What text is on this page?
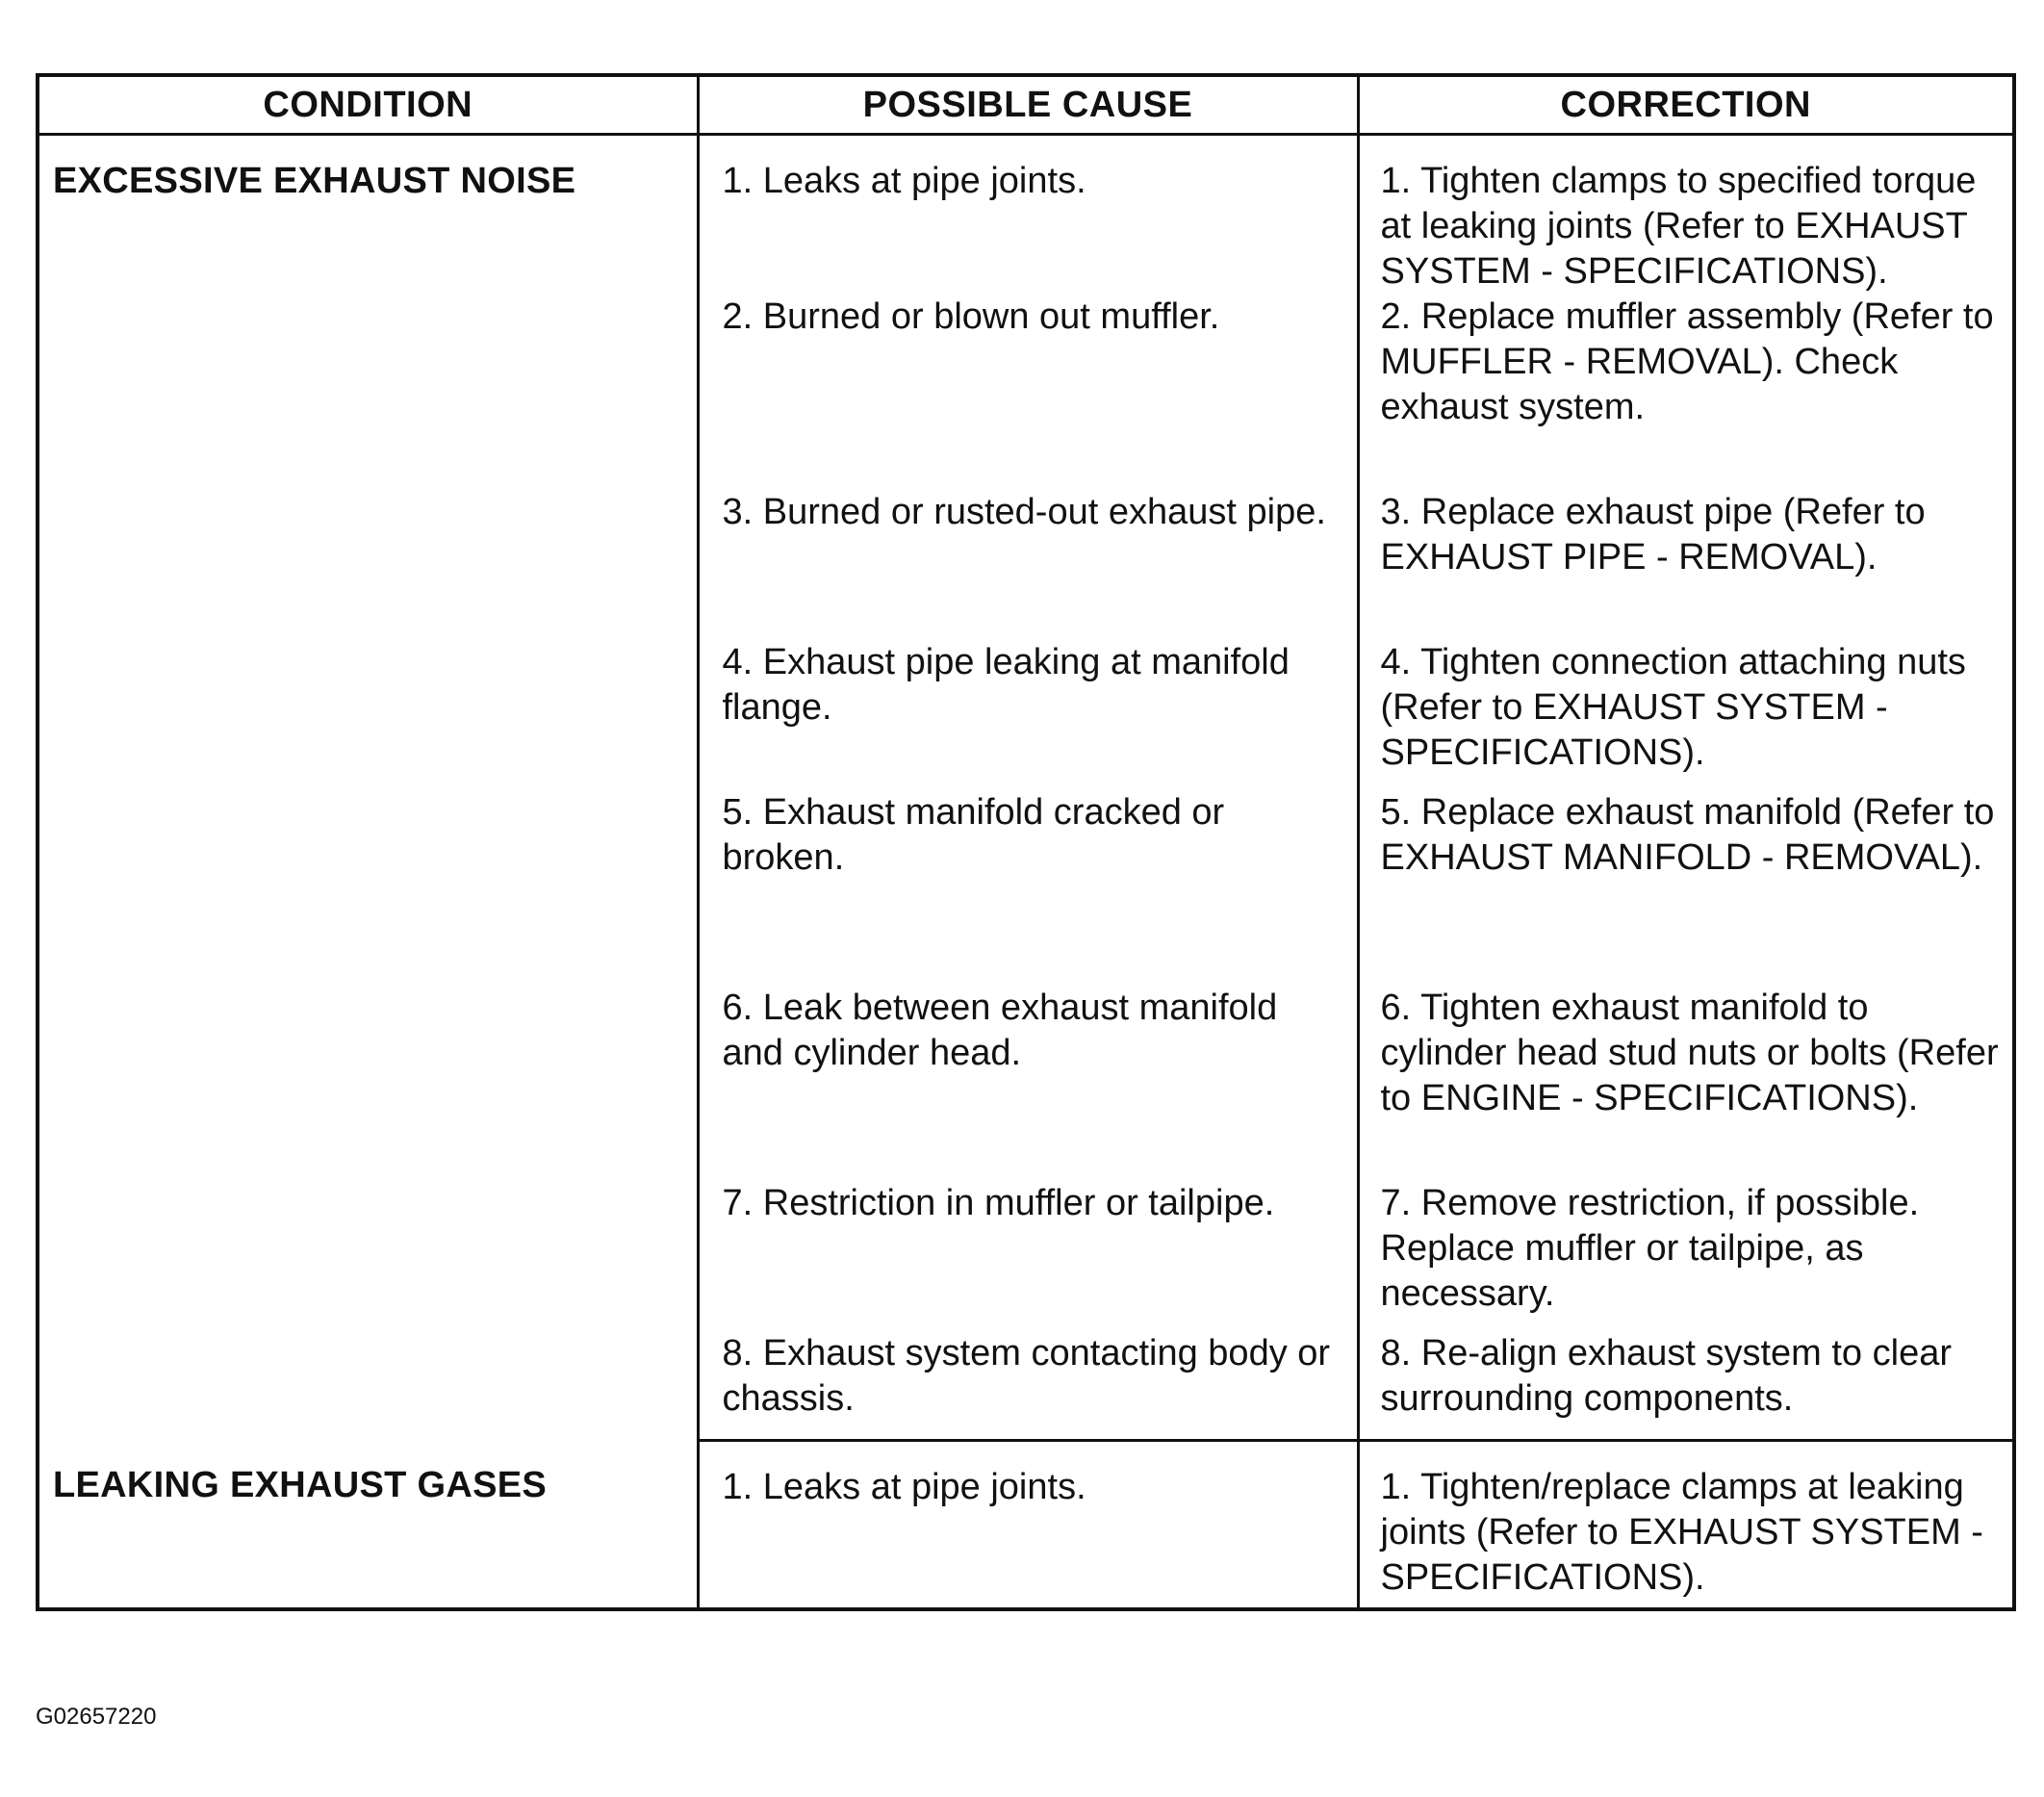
CONDITION	POSSIBLE CAUSE	CORRECTION
EXCESSIVE EXHAUST NOISE	1. Leaks at pipe joints.	1. Tighten clamps to specified torque at leaking joints (Refer to EXHAUST SYSTEM - SPECIFICATIONS).
	2. Burned or blown out muffler.	2. Replace muffler assembly (Refer to MUFFLER - REMOVAL). Check exhaust system.
	3. Burned or rusted-out exhaust pipe.	3. Replace exhaust pipe (Refer to EXHAUST PIPE - REMOVAL).
	4. Exhaust pipe leaking at manifold flange.	4. Tighten connection attaching nuts (Refer to EXHAUST SYSTEM - SPECIFICATIONS).
	5. Exhaust manifold cracked or broken.	5. Replace exhaust manifold (Refer to EXHAUST MANIFOLD - REMOVAL).
	6. Leak between exhaust manifold and cylinder head.	6. Tighten exhaust manifold to cylinder head stud nuts or bolts (Refer to ENGINE - SPECIFICATIONS).
	7. Restriction in muffler or tailpipe.	7. Remove restriction, if possible. Replace muffler or tailpipe, as necessary.
	8. Exhaust system contacting body or chassis.	8. Re-align exhaust system to clear surrounding components.
LEAKING EXHAUST GASES	1. Leaks at pipe joints.	1. Tighten/replace clamps at leaking joints (Refer to EXHAUST SYSTEM - SPECIFICATIONS).
G02657220
